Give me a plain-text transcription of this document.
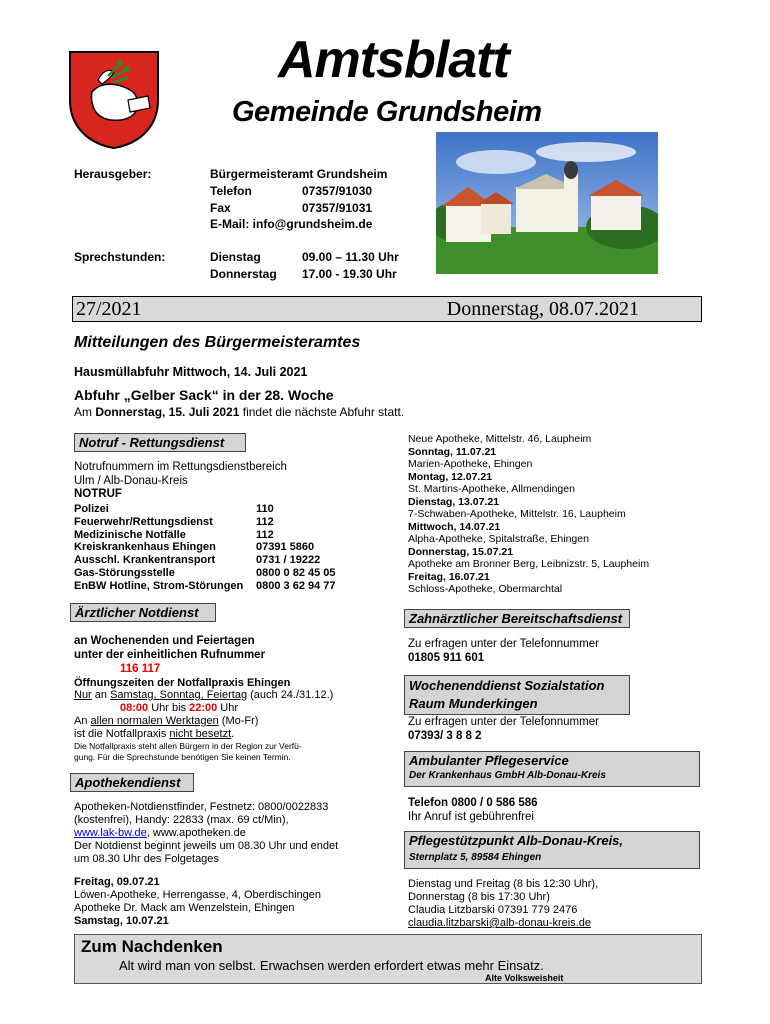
Amtsblatt
Gemeinde Grundsheim
Herausgeber:	Bürgermeisteramt Grundsheim
Telefon	07357/91030
Fax	07357/91031
E-Mail: info@grundsheim.de
Sprechstunden:	Dienstag	09.00 – 11.30 Uhr
Donnerstag 17.00 - 19.30 Uhr
27/2021	Donnerstag, 08.07.2021
Mitteilungen des Bürgermeisteramtes
Hausmüllabfuhr Mittwoch, 14. Juli 2021
Abfuhr „Gelber Sack“ in der 28. Woche
Am Donnerstag, 15. Juli 2021 findet die nächste Abfuhr statt.
Notruf - Rettungsdienst
Notrufnummern im Rettungsdienstbereich
Ulm / Alb-Donau-Kreis
NOTRUF
Polizei	110
Feuerwehr/Rettungsdienst	112
Medizinische Notfälle	112
Kreiskrankenhaus Ehingen	07391 5860
Ausschl. Krankentransport	0731 / 19222
Gas-Störungsstelle	0800 0 82 45 05
EnBW Hotline, Strom-Störungen 0800 3 62 94 77
Neue Apotheke, Mittelstr. 46, Laupheim
Sonntag, 11.07.21
Marien-Apotheke, Ehingen
Montag, 12.07.21
St. Martins-Apotheke, Allmendingen
Dienstag, 13.07.21
7-Schwaben-Apotheke, Mittelstr. 16, Laupheim
Mittwoch, 14.07.21
Alpha-Apotheke, Spitalstraße, Ehingen
Donnerstag, 15.07.21
Apotheke am Bronner Berg, Leibnizstr. 5, Laupheim
Freitag, 16.07.21
Schloss-Apotheke, Obermarchtal
Ärztlicher Notdienst
an Wochenenden und Feiertagen
unter der einheitlichen Rufnummer
116 117
Öffnungszeiten der Notfallpraxis Ehingen
Nur an Samstag, Sonntag, Feiertag (auch 24./31.12.)
08:00 Uhr bis 22:00 Uhr
An allen normalen Werktagen (Mo-Fr)
ist die Notfallpraxis nicht besetzt.
Die Notfallpraxis steht allen Bürgern in der Region zur Verfü-
gung. Für die Sprechstunde benötigen Sie keinen Termin.
Zahnärztlicher Bereitschaftsdienst
Zu erfragen unter der Telefonnummer
01805 911 601
Wochenenddienst Sozialstation
Raum Munderkingen
Zu erfragen unter der Telefonnummer
07393/ 3 8 8 2
Ambulanter Pflegeservice
Der Krankenhaus GmbH Alb-Donau-Kreis
Telefon 0800 / 0 586 586
Ihr Anruf ist gebührenfrei
Apothekendienst
Apotheken-Notdienstfinder, Festnetz: 0800/0022833
(kostenfrei), Handy: 22833 (max. 69 ct/Min),
www.lak-bw.de, www.apotheken.de
Der Notdienst beginnt jeweils um 08.30 Uhr und endet
um 08.30 Uhr des Folgetages
Freitag, 09.07.21
Löwen-Apotheke, Herrengasse, 4, Oberdischingen
Apotheke Dr. Mack am Wenzelstein, Ehingen
Samstag, 10.07.21
Pflegestützpunkt Alb-Donau-Kreis,
Sternplatz 5, 89584 Ehingen
Dienstag und Freitag (8 bis 12:30 Uhr),
Donnerstag (8 bis 17:30 Uhr)
Claudia Litzbarski 07391 779 2476
claudia.litzbarski@alb-donau-kreis.de
Zum Nachdenken
Alt wird man von selbst. Erwachsen werden erfordert etwas mehr Einsatz.
Alte Volksweisheit
